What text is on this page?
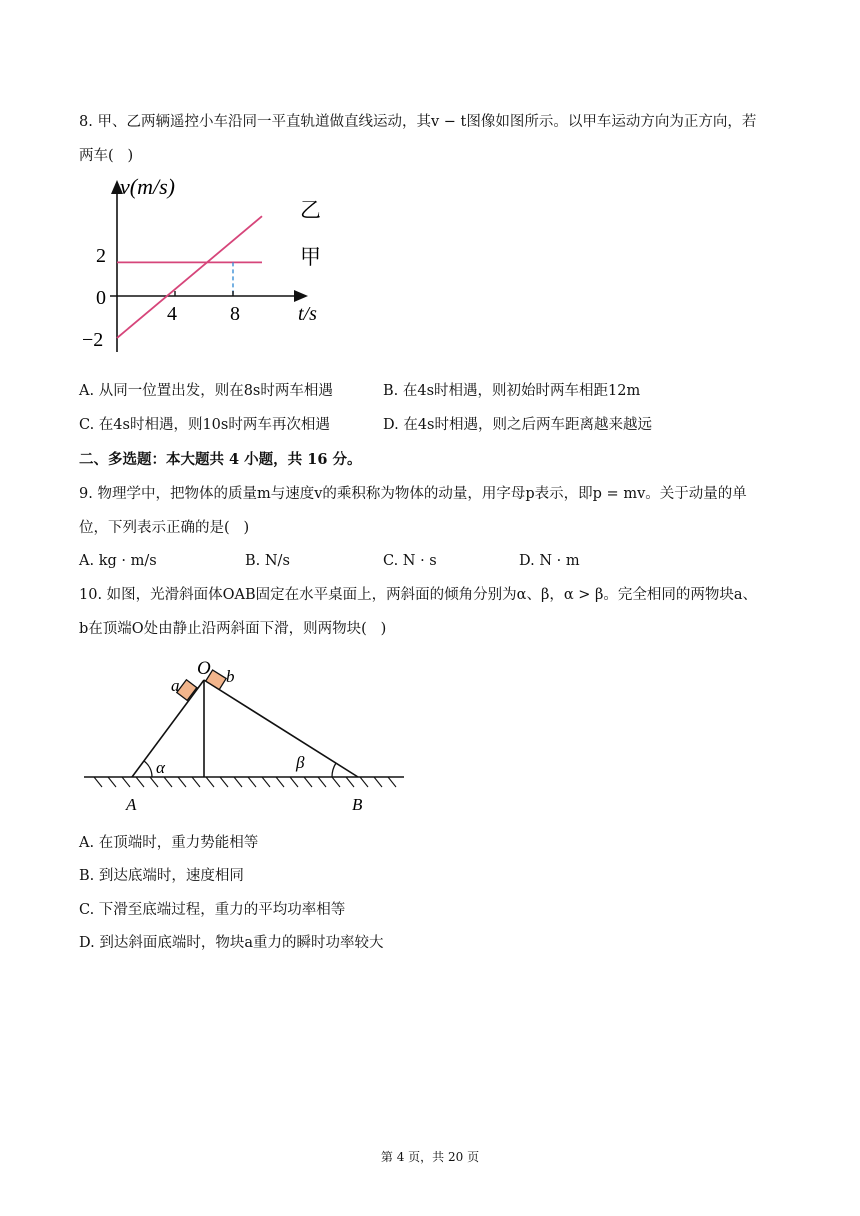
8. 甲、乙两辆遥控小车沿同一平直轨道做直线运动，其v − t图像如图所示。以甲车运动方向为正方向，若
两车(   )
v(m/s)
2
0
−2
4	8	t/s
乙
甲
A. 从同一位置出发，则在8s时两车相遇	B. 在4s时相遇，则初始时两车相距12m
C. 在4s时相遇，则10s时两车再次相遇	D. 在4s时相遇，则之后两车距离越来越远
二、多选题：本大题共 4 小题，共 16 分。
9. 物理学中，把物体的质量m与速度v的乘积称为物体的动量，用字母p表示，即p = mv。关于动量的单
位，下列表示正确的是(   )
A. kg · m/s	B. N/s	C. N · s	D. N · m
10. 如图，光滑斜面体OAB固定在水平桌面上，两斜面的倾角分别为α、β，α > β。完全相同的两物块a、
b在顶端O处由静止沿两斜面下滑，则两物块(   )
O
a	b
α	β
A	B
A. 在顶端时，重力势能相等
B. 到达底端时，速度相同
C. 下滑至底端过程，重力的平均功率相等
D. 到达斜面底端时，物块a重力的瞬时功率较大
第 4 页，共 20 页
